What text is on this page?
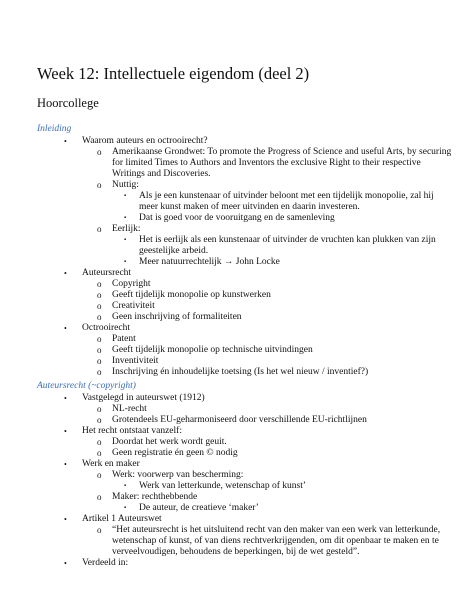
Week 12: Intellectuele eigendom (deel 2)
Hoorcollege
Inleiding
• Waarom auteurs en octrooirecht?
o Amerikaanse Grondwet: To promote the Progress of Science and useful Arts, by securing
for limited Times to Authors and Inventors the exclusive Right to their respective
Writings and Discoveries.
o Nuttig:
▪ Als je een kunstenaar of uitvinder beloont met een tijdelijk monopolie, zal hij
meer kunst maken of meer uitvinden en daarin investeren.
▪ Dat is goed voor de vooruitgang en de samenleving
o Eerlijk:
▪ Het is eerlijk als een kunstenaar of uitvinder de vruchten kan plukken van zijn
geestelijke arbeid.
▪ Meer natuurrechtelijk → John Locke
• Auteursrecht
o Copyright
o Geeft tijdelijk monopolie op kunstwerken
o Creativiteit
o Geen inschrijving of formaliteiten
• Octrooirecht
o Patent
o Geeft tijdelijk monopolie op technische uitvindingen
o Inventiviteit
o Inschrijving én inhoudelijke toetsing (Is het wel nieuw / inventief?)
Auteursrecht (~copyright)
• Vastgelegd in auteurswet (1912)
o NL-recht
o Grotendeels EU-geharmoniseerd door verschillende EU-richtlijnen
• Het recht ontstaat vanzelf:
o Doordat het werk wordt geuit.
o Geen registratie én geen © nodig
• Werk en maker
o Werk: voorwerp van bescherming:
▪ Werk van letterkunde, wetenschap of kunst’
o Maker: rechthebbende
▪ De auteur, de creatieve ‘maker’
• Artikel 1 Auteurswet
o “Het auteursrecht is het uitsluitend recht van den maker van een werk van letterkunde,
wetenschap of kunst, of van diens rechtverkrijgenden, om dit openbaar te maken en te
verveelvoudigen, behoudens de beperkingen, bij de wet gesteld”.
• Verdeeld in:
